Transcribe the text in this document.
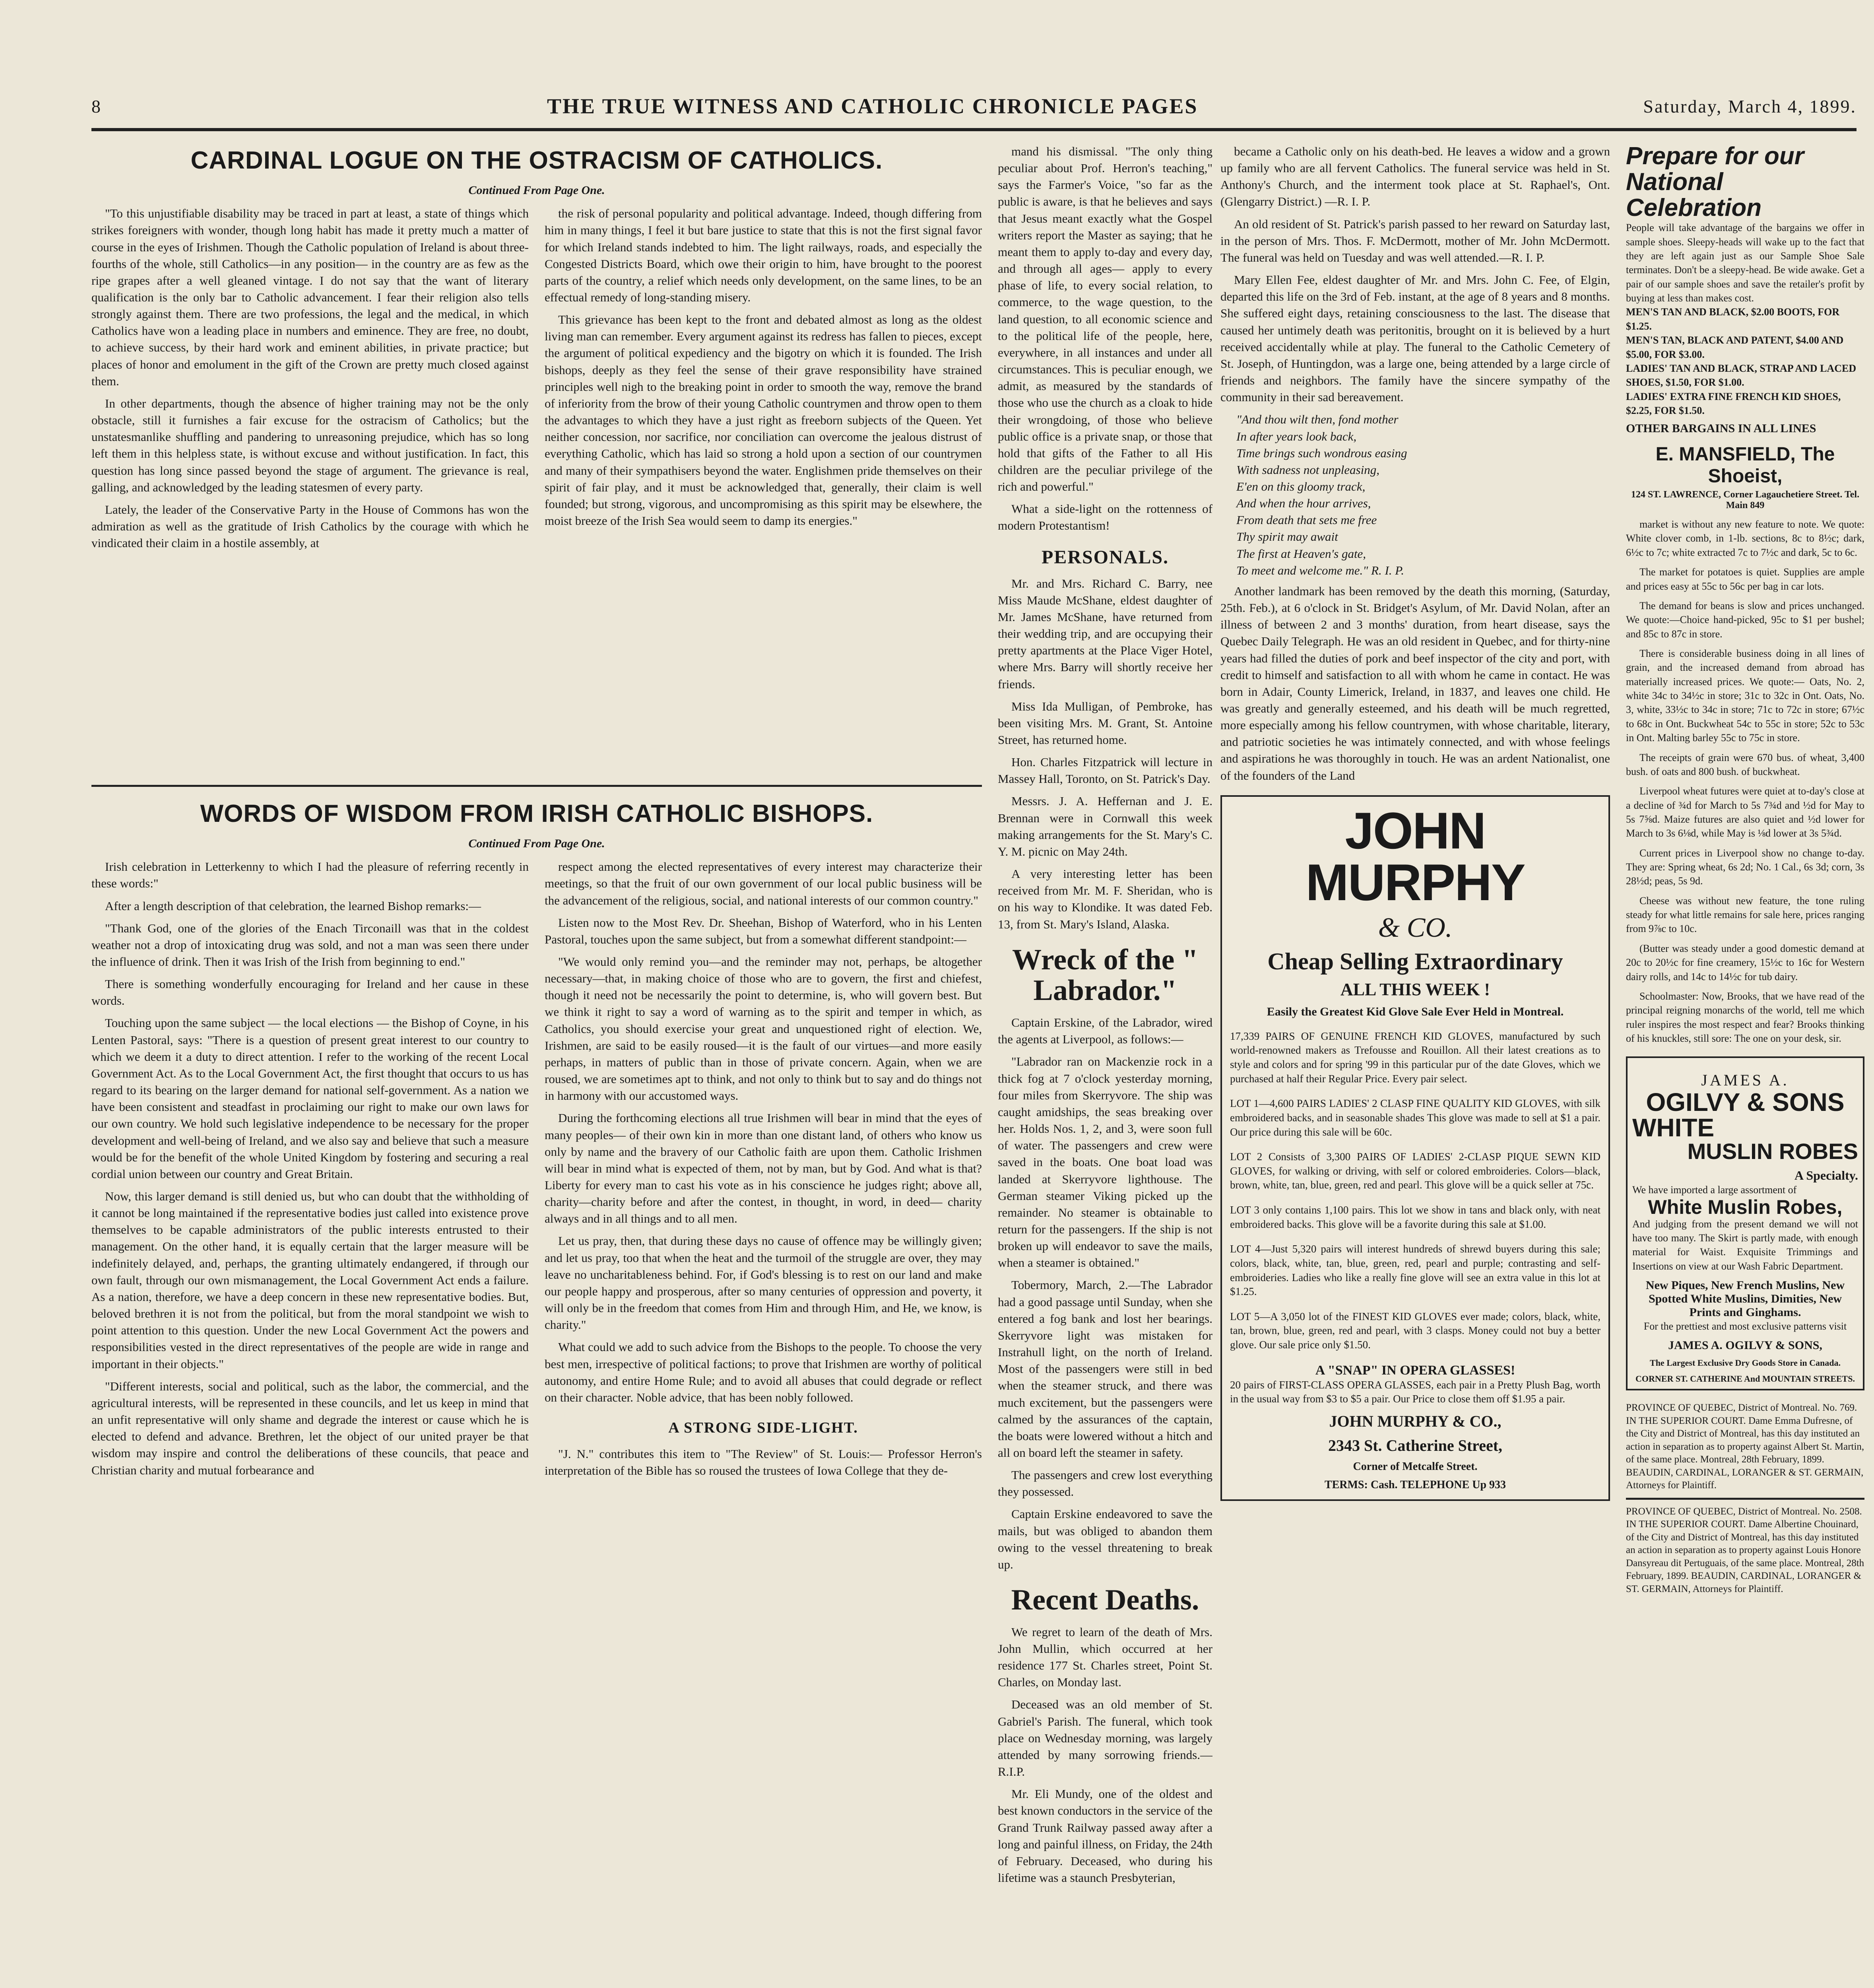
8	THE TRUE WITNESS AND CATHOLIC CHRONICLE PAGES	Saturday, March 4, 1899.
CARDINAL LOGUE ON THE OSTRACISM OF CATHOLICS.
Continued From Page One.

"To this unjustifiable disability may be traced in part at least, a state of things which strikes foreigners with wonder, though long habit has made it pretty much a matter of course in the eyes of Irishmen. Though the Catholic population of Ireland is about three-fourths of the whole, still Catholics—in any position— in the country are as few as the ripe grapes after a well gleaned vintage. I do not say that the want of literary qualification is the only bar to Catholic advancement. I fear their religion also tells strongly against them. There are two professions, the legal and the medical, in which Catholics have won a leading place in numbers and eminence. They are free, no doubt, to achieve success, by their hard work and eminent abilities, in private practice; but places of honor and emolument in the gift of the Crown are pretty much closed against them.

In other departments, though the absence of higher training may not be the only obstacle, still it furnishes a fair excuse for the ostracism of Catholics; but the unstatesmanlike shuffling and pandering to unreasoning prejudice, which has so long left them in this helpless state, is without excuse and without justification. In fact, this question has long since passed beyond the stage of argument. The grievance is real, galling, and acknowledged by the leading statesmen of every party.

Lately, the leader of the Conservative Party in the House of Commons has won the admiration as well as the gratitude of Irish Catholics by the courage with which he vindicated their claim in a hostile assembly, at

the risk of personal popularity and political advantage. Indeed, though differing from him in many things, I feel it but bare justice to state that this is not the first signal favor for which Ireland stands indebted to him. The light railways, roads, and especially the Congested Districts Board, which owe their origin to him, have brought to the poorest parts of the country, a relief which needs only development, on the same lines, to be an effectual remedy of long-standing misery.

This grievance has been kept to the front and debated almost as long as the oldest living man can remember. Every argument against its redress has fallen to pieces, except the argument of political expediency and the bigotry on which it is founded. The Irish bishops, deeply as they feel the sense of their grave responsibility have strained principles well nigh to the breaking point in order to smooth the way, remove the brand of inferiority from the brow of their young Catholic countrymen and throw open to them the advantages to which they have a just right as freeborn subjects of the Queen. Yet neither concession, nor sacrifice, nor conciliation can overcome the jealous distrust of everything Catholic, which has laid so strong a hold upon a section of our countrymen and many of their sympathisers beyond the water. Englishmen pride themselves on their spirit of fair play, and it must be acknowledged that, generally, their claim is well founded; but strong, vigorous, and uncompromising as this spirit may be elsewhere, the moist breeze of the Irish Sea would seem to damp its energies."

WORDS OF WISDOM FROM IRISH CATHOLIC BISHOPS.
Continued From Page One.

Irish celebration in Letterkenny to which I had the pleasure of referring recently in these words:"

After a length description of that celebration, the learned Bishop remarks:—

"Thank God, one of the glories of the Enach Tirconaill was that in the coldest weather not a drop of intoxicating drug was sold, and not a man was seen there under the influence of drink. Then it was Irish of the Irish from beginning to end."

There is something wonderfully encouraging for Ireland and her cause in these words.

Touching upon the same subject — the local elections — the Bishop of Coyne, in his Lenten Pastoral, says: "There is a question of present great interest to our country to which we deem it a duty to direct attention. I refer to the working of the recent Local Government Act. As to the Local Government Act, the first thought that occurs to us has regard to its bearing on the larger demand for national self-government. As a nation we have been consistent and steadfast in proclaiming our right to make our own laws for our own country. We hold such legislative independence to be necessary for the proper development and well-being of Ireland, and we also say and believe that such a measure would be for the benefit of the whole United Kingdom by fostering and securing a real cordial union between our country and Great Britain.

Now, this larger demand is still denied us, but who can doubt that the withholding of it cannot be long maintained if the representative bodies just called into existence prove themselves to be capable administrators of the public interests entrusted to their management. On the other hand, it is equally certain that the larger measure will be indefinitely delayed, and, perhaps, the granting ultimately endangered, if through our own fault, through our own mismanagement, the Local Government Act ends a failure. As a nation, therefore, we have a deep concern in these new representative bodies. But, beloved brethren it is not from the political, but from the moral standpoint we wish to point attention to this question. Under the new Local Government Act the powers and responsibilities vested in the direct representatives of the people are wide in range and important in their objects."

"Different interests, social and political, such as the labor, the commercial, and the agricultural interests, will be represented in these councils, and let us keep in mind that an unfit representative will only shame and degrade the interest or cause which he is elected to defend and advance. Brethren, let the object of our united prayer be that wisdom may inspire and control the deliberations of these councils, that peace and Christian charity and mutual forbearance and

respect among the elected representatives of every interest may characterize their meetings, so that the fruit of our own government of our local public business will be the advancement of the religious, social, and national interests of our common country."

Listen now to the Most Rev. Dr. Sheehan, Bishop of Waterford, who in his Lenten Pastoral, touches upon the same subject, but from a somewhat different standpoint:—

"We would only remind you—and the reminder may not, perhaps, be altogether necessary—that, in making choice of those who are to govern, the first and chiefest, though it need not be necessarily the point to determine, is, who will govern best. But we think it right to say a word of warning as to the spirit and temper in which, as Catholics, you should exercise your great and unquestioned right of election. We, Irishmen, are said to be easily roused—it is the fault of our virtues—and more easily perhaps, in matters of public than in those of private concern. Again, when we are roused, we are sometimes apt to think, and not only to think but to say and do things not in harmony with our accustomed ways.

During the forthcoming elections all true Irishmen will bear in mind that the eyes of many peoples— of their own kin in more than one distant land, of others who know us only by name and the bravery of our Catholic faith are upon them. Catholic Irishmen will bear in mind what is expected of them, not by man, but by God. And what is that? Liberty for every man to cast his vote as in his conscience he judges right; above all, charity—charity before and after the contest, in thought, in word, in deed— charity always and in all things and to all men.

Let us pray, then, that during these days no cause of offence may be willingly given; and let us pray, too that when the heat and the turmoil of the struggle are over, they may leave no uncharitableness behind. For, if God's blessing is to rest on our land and make our people happy and prosperous, after so many centuries of oppression and poverty, it will only be in the freedom that comes from Him and through Him, and He, we know, is charity."

What could we add to such advice from the Bishops to the people. To choose the very best men, irrespective of political factions; to prove that Irishmen are worthy of political autonomy, and entire Home Rule; and to avoid all abuses that could degrade or reflect on their character. Noble advice, that has been nobly followed.

A STRONG SIDE-LIGHT.

"J. N." contributes this item to "The Review" of St. Louis:— Professor Herron's interpretation of the Bible has so roused the trustees of Iowa College that they de-

mand his dismissal. "The only thing peculiar about Prof. Herron's teaching," says the Farmer's Voice, "so far as the public is aware, is that he believes and says that Jesus meant exactly what the Gospel writers report the Master as saying; that he meant them to apply to-day and every day, and through all ages— apply to every phase of life, to every social relation, to commerce, to the wage question, to the land question, to all economic science and to the political life of the people, here, everywhere, in all instances and under all circumstances. This is peculiar enough, we admit, as measured by the standards of those who use the church as a cloak to hide their wrongdoing, of those who believe public office is a private snap, or those that hold that gifts of the Father to all His children are the peculiar privilege of the rich and powerful."

What a side-light on the rottenness of modern Protestantism!

PERSONALS.

Mr. and Mrs. Richard C. Barry, nee Miss Maude McShane, eldest daughter of Mr. James McShane, have returned from their wedding trip, and are occupying their pretty apartments at the Place Viger Hotel, where Mrs. Barry will shortly receive her friends.

Miss Ida Mulligan, of Pembroke, has been visiting Mrs. M. Grant, St. Antoine Street, has returned home.

Hon. Charles Fitzpatrick will lecture in Massey Hall, Toronto, on St. Patrick's Day.

Messrs. J. A. Heffernan and J. E. Brennan were in Cornwall this week making arrangements for the St. Mary's C. Y. M. picnic on May 24th.

A very interesting letter has been received from Mr. M. F. Sheridan, who is on his way to Klondike. It was dated Feb. 13, from St. Mary's Island, Alaska.

Wreck of the " Labrador."

Captain Erskine, of the Labrador, wired the agents at Liverpool, as follows:—

"Labrador ran on Mackenzie rock in a thick fog at 7 o'clock yesterday morning, four miles from Skerryvore. The ship was caught amidships, the seas breaking over her. Holds Nos. 1, 2, and 3, were soon full of water. The passengers and crew were saved in the boats. One boat load was landed at Skerryvore lighthouse. The German steamer Viking picked up the remainder. No steamer is obtainable to return for the passengers. If the ship is not broken up will endeavor to save the mails, when a steamer is obtained."

Tobermory, March, 2.—The Labrador had a good passage until Sunday, when she entered a fog bank and lost her bearings. Skerryvore light was mistaken for Instrahull light, on the north of Ireland. Most of the passengers were still in bed when the steamer struck, and there was much excitement, but the passengers were calmed by the assurances of the captain, the boats were lowered without a hitch and all on board left the steamer in safety.

The passengers and crew lost everything they possessed.

Captain Erskine endeavored to save the mails, but was obliged to abandon them owing to the vessel threatening to break up.

Recent Deaths.

We regret to learn of the death of Mrs. John Mullin, which occurred at her residence 177 St. Charles street, Point St. Charles, on Monday last.

Deceased was an old member of St. Gabriel's Parish. The funeral, which took place on Wednesday morning, was largely attended by many sorrowing friends.—R.I.P.

Mr. Eli Mundy, one of the oldest and best known conductors in the service of the Grand Trunk Railway passed away after a long and painful illness, on Friday, the 24th of February. Deceased, who during his lifetime was a staunch Presbyterian,

became a Catholic only on his death-bed. He leaves a widow and a grown up family who are all fervent Catholics. The funeral service was held in St. Anthony's Church, and the interment took place at St. Raphael's, Ont. (Glengarry District.) —R. I. P.

An old resident of St. Patrick's parish passed to her reward on Saturday last, in the person of Mrs. Thos. F. McDermott, mother of Mr. John McDermott. The funeral was held on Tuesday and was well attended.—R. I. P.

Mary Ellen Fee, eldest daughter of Mr. and Mrs. John C. Fee, of Elgin, departed this life on the 3rd of Feb. instant, at the age of 8 years and 8 months. She suffered eight days, retaining consciousness to the last. The disease that caused her untimely death was peritonitis, brought on it is believed by a hurt received accidentally while at play. The funeral to the Catholic Cemetery of St. Joseph, of Huntingdon, was a large one, being attended by a large circle of friends and neighbors. The family have the sincere sympathy of the community in their sad bereavement.

"And thou wilt then, fond mother
In after years look back,
Time brings such wondrous easing
With sadness not unpleasing,
E'en on this gloomy track,
And when the hour arrives,
From death that sets me free
Thy spirit may await
The first at Heaven's gate,
To meet and welcome me." R. I. P.

Another landmark has been removed by the death this morning, (Saturday, 25th. Feb.), at 6 o'clock in St. Bridget's Asylum, of Mr. David Nolan, after an illness of between 2 and 3 months' duration, from heart disease, says the Quebec Daily Telegraph. He was an old resident in Quebec, and for thirty-nine years had filled the duties of pork and beef inspector of the city and port, with credit to himself and satisfaction to all with whom he came in contact. He was born in Adair, County Limerick, Ireland, in 1837, and leaves one child. He was greatly and generally esteemed, and his death will be much regretted, more especially among his fellow countrymen, with whose charitable, literary, and patriotic societies he was intimately connected, and with whose feelings and aspirations he was thoroughly in touch. He was an ardent Nationalist, one of the founders of the Land

JOHN MURPHY
& CO.
Cheap Selling Extraordinary
ALL THIS WEEK !
Easily the Greatest Kid Glove Sale Ever Held in Montreal.

17,339 PAIRS OF GENUINE FRENCH KID GLOVES, manufactured by such world-renowned makers as Trefousse and Rouillon. All their latest creations as to style and colors and for spring '99 in this particular pur of the date Gloves, which we purchased at half their Regular Price. Every pair select.

LOT 1—4,600 PAIRS LADIES' 2 CLASP FINE QUALITY KID GLOVES, with silk embroidered backs, and in seasonable shades This glove was made to sell at $1 a pair. Our price during this sale will be 60c.

LOT 2 Consists of 3,300 PAIRS OF LADIES' 2-CLASP PIQUE SEWN KID GLOVES, for walking or driving, with self or colored embroideries. Colors—black, brown, white, tan, blue, green, red and pearl. This glove will be a quick seller at 75c.

LOT 3 only contains 1,100 pairs. This lot we show in tans and black only, with neat embroidered backs. This glove will be a favorite during this sale at $1.00.

LOT 4—Just 5,320 pairs will interest hundreds of shrewd buyers during this sale; colors, black, white, tan, blue, green, red, pearl and purple; contrasting and self-embroideries. Ladies who like a really fine glove will see an extra value in this lot at $1.25.

LOT 5—A 3,050 lot of the FINEST KID GLOVES ever made; colors, black, white, tan, brown, blue, green, red and pearl, with 3 clasps. Money could not buy a better glove. Our sale price only $1.50.

A "SNAP" IN OPERA GLASSES!
20 pairs of FIRST-CLASS OPERA GLASSES, each pair in a Pretty Plush Bag, worth in the usual way from $3 to $5 a pair. Our Price to close them off $1.95 a pair.
JOHN MURPHY & CO.,
2343 St. Catherine Street,
Corner of Metcalfe Street.
TERMS: Cash. TELEPHONE Up 933
Prepare for our National Celebration
People will take advantage of the bargains we offer in sample shoes. Sleepy-heads will wake up to the fact that they are left again just as our Sample Shoe Sale terminates. Don't be a sleepy-head. Be wide awake. Get a pair of our sample shoes and save the retailer's profit by buying at less than makes cost.
MEN'S TAN AND BLACK, $2.00 BOOTS, FOR $1.25.
MEN'S TAN, BLACK AND PATENT, $4.00 AND $5.00, FOR $3.00.
LADIES' TAN AND BLACK, STRAP AND LACED SHOES, $1.50, FOR $1.00.
LADIES' EXTRA FINE FRENCH KID SHOES, $2.25, FOR $1.50.
OTHER BARGAINS IN ALL LINES
E. MANSFIELD, The Shoeist,
124 ST. LAWRENCE, Corner Lagauchetiere Street. Tel. Main 849

market is without any new feature to note. We quote: White clover comb, in 1-lb. sections, 8c to 8½c; dark, 6½c to 7c; white extracted 7c to 7½c and dark, 5c to 6c.

The market for potatoes is quiet. Supplies are ample and prices easy at 55c to 56c per bag in car lots.

The demand for beans is slow and prices unchanged. We quote:—Choice hand-picked, 95c to $1 per bushel; and 85c to 87c in store.

There is considerable business doing in all lines of grain, and the increased demand from abroad has materially increased prices. We quote:— Oats, No. 2, white 34c to 34½c in store; 31c to 32c in Ont. Oats, No. 3, white, 33½c to 34c in store; 71c to 72c in store; 67½c to 68c in Ont. Buckwheat 54c to 55c in store; 52c to 53c in Ont. Malting barley 55c to 75c in store.

The receipts of grain were 670 bus. of wheat, 3,400 bush. of oats and 800 bush. of buckwheat.

Liverpool wheat futures were quiet at to-day's close at a decline of ¾d for March to 5s 7¾d and ½d for May to 5s 7⅝d. Maize futures are also quiet and ½d lower for March to 3s 6⅛d, while May is ⅛d lower at 3s 5¾d.

Current prices in Liverpool show no change to-day. They are: Spring wheat, 6s 2d; No. 1 Cal., 6s 3d; corn, 3s 28½d; peas, 5s 9d.

Cheese was without new feature, the tone ruling steady for what little remains for sale here, prices ranging from 9⅞c to 10c.

(Butter was steady under a good domestic demand at 20c to 20½c for fine creamery, 15½c to 16c for Western dairy rolls, and 14c to 14½c for tub dairy.

Schoolmaster: Now, Brooks, that we have read of the principal reigning monarchs of the world, tell me which ruler inspires the most respect and fear? Brooks thinking of his knuckles, still sore: The one on your desk, sir.

JAMES A.
OGILVY & SONS
WHITE
MUSLIN ROBES
A Specialty.
We have imported a large assortment of
White Muslin Robes,
And judging from the present demand we will not have too many. The Skirt is partly made, with enough material for Waist. Exquisite Trimmings and Insertions on view at our Wash Fabric Department.
New Piques, New French Muslins, New Spotted White Muslins, Dimities, New Prints and Ginghams.
For the prettiest and most exclusive patterns visit
JAMES A. OGILVY & SONS,
The Largest Exclusive Dry Goods Store in Canada.
CORNER ST. CATHERINE And MOUNTAIN STREETS.
PROVINCE OF QUEBEC, District of Montreal. No. 769. IN THE SUPERIOR COURT. Dame Emma Dufresne, of the City and District of Montreal, has this day instituted an action in separation as to property against Albert St. Martin, of the same place. Montreal, 28th February, 1899. BEAUDIN, CARDINAL, LORANGER & ST. GERMAIN, Attorneys for Plaintiff.
PROVINCE OF QUEBEC, District of Montreal. No. 2508. IN THE SUPERIOR COURT. Dame Albertine Chouinard, of the City and District of Montreal, has this day instituted an action in separation as to property against Louis Honore Dansyreau dit Pertuguais, of the same place. Montreal, 28th February, 1899. BEAUDIN, CARDINAL, LORANGER & ST. GERMAIN, Attorneys for Plaintiff.
